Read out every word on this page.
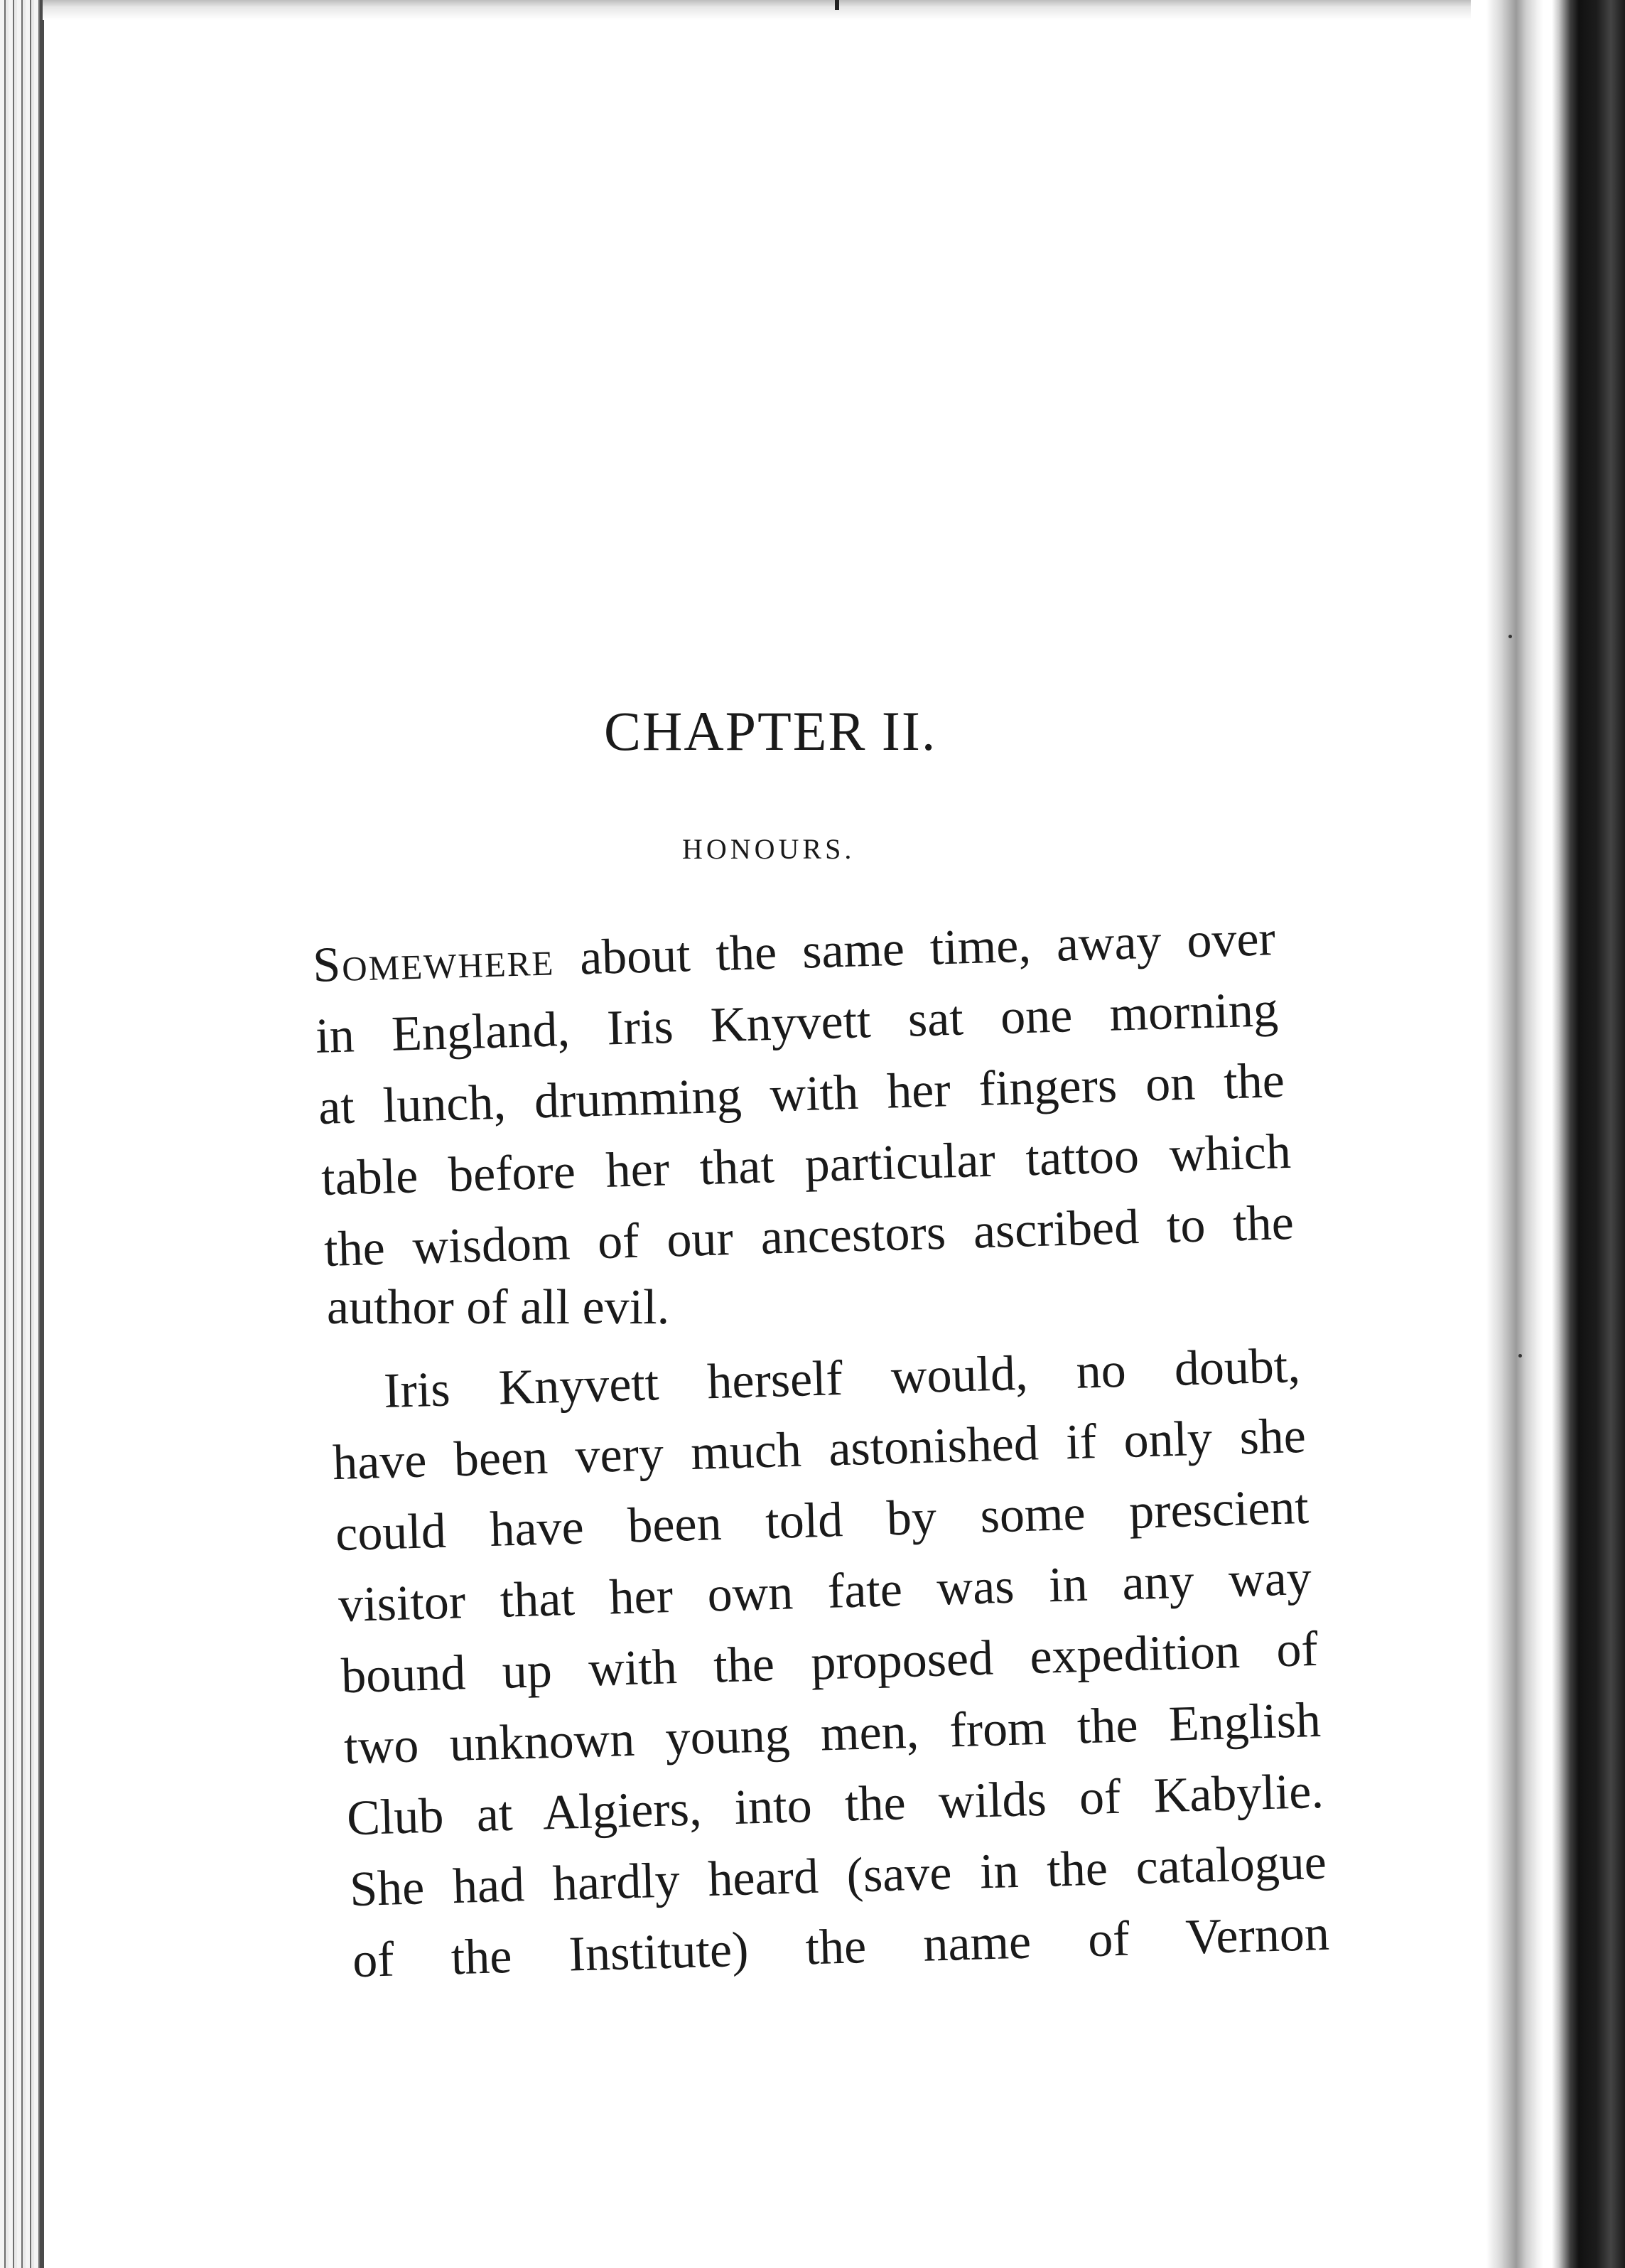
CHAPTER II.
HONOURS.
Somewhere about the same time, away over
in England, Iris Knyvett sat one morning
at lunch, drumming with her fingers on the
table before her that particular tattoo which
the wisdom of our ancestors ascribed to the
author of all evil.
Iris Knyvett herself would, no doubt,
have been very much astonished if only she
could have been told by some prescient
visitor that her own fate was in any way
bound up with the proposed expedition of
two unknown young men, from the English
Club at Algiers, into the wilds of Kabylie.
She had hardly heard (save in the catalogue
of the Institute) the name of Vernon
